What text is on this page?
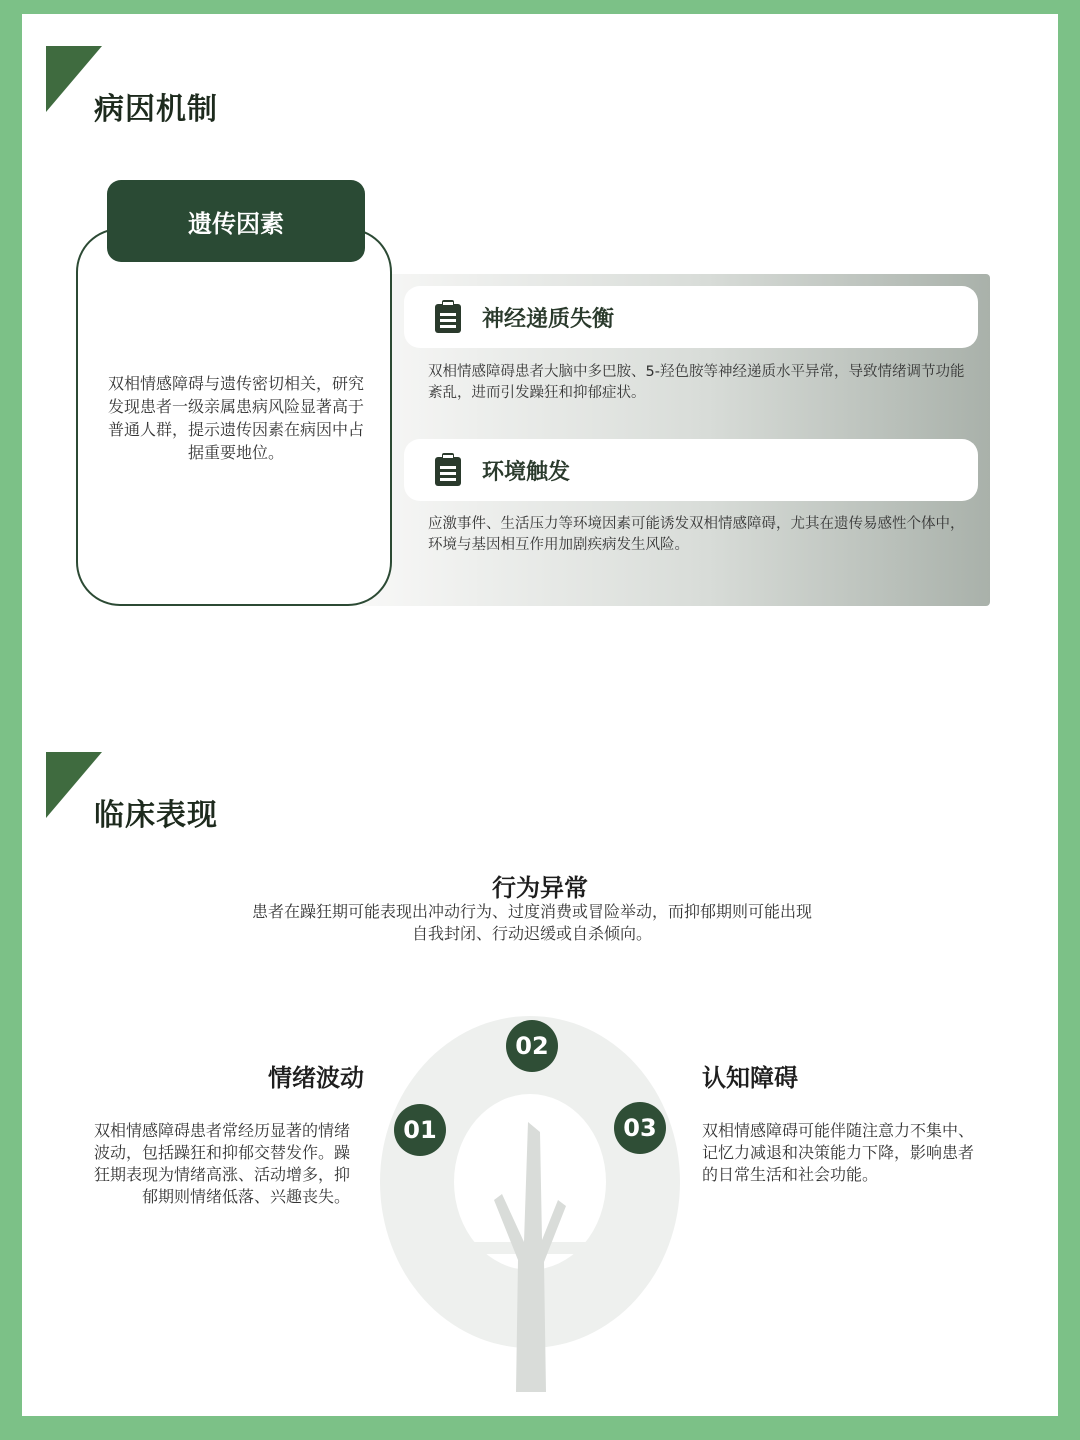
病因机制
遗传因素
双相情感障碍与遗传密切相关，研究发现患者一级亲属患病风险显著高于普通人群，提示遗传因素在病因中占据重要地位。
神经递质失衡
双相情感障碍患者大脑中多巴胺、5-羟色胺等神经递质水平异常，导致情绪调节功能紊乱，进而引发躁狂和抑郁症状。
环境触发
应激事件、生活压力等环境因素可能诱发双相情感障碍，尤其在遗传易感性个体中，环境与基因相互作用加剧疾病发生风险。
临床表现
行为异常
患者在躁狂期可能表现出冲动行为、过度消费或冒险举动，而抑郁期则可能出现自我封闭、行动迟缓或自杀倾向。
02
01	03
情绪波动
双相情感障碍患者常经历显著的情绪波动，包括躁狂和抑郁交替发作。躁狂期表现为情绪高涨、活动增多，抑郁期则情绪低落、兴趣丧失。
认知障碍
双相情感障碍可能伴随注意力不集中、记忆力减退和决策能力下降，影响患者的日常生活和社会功能。
